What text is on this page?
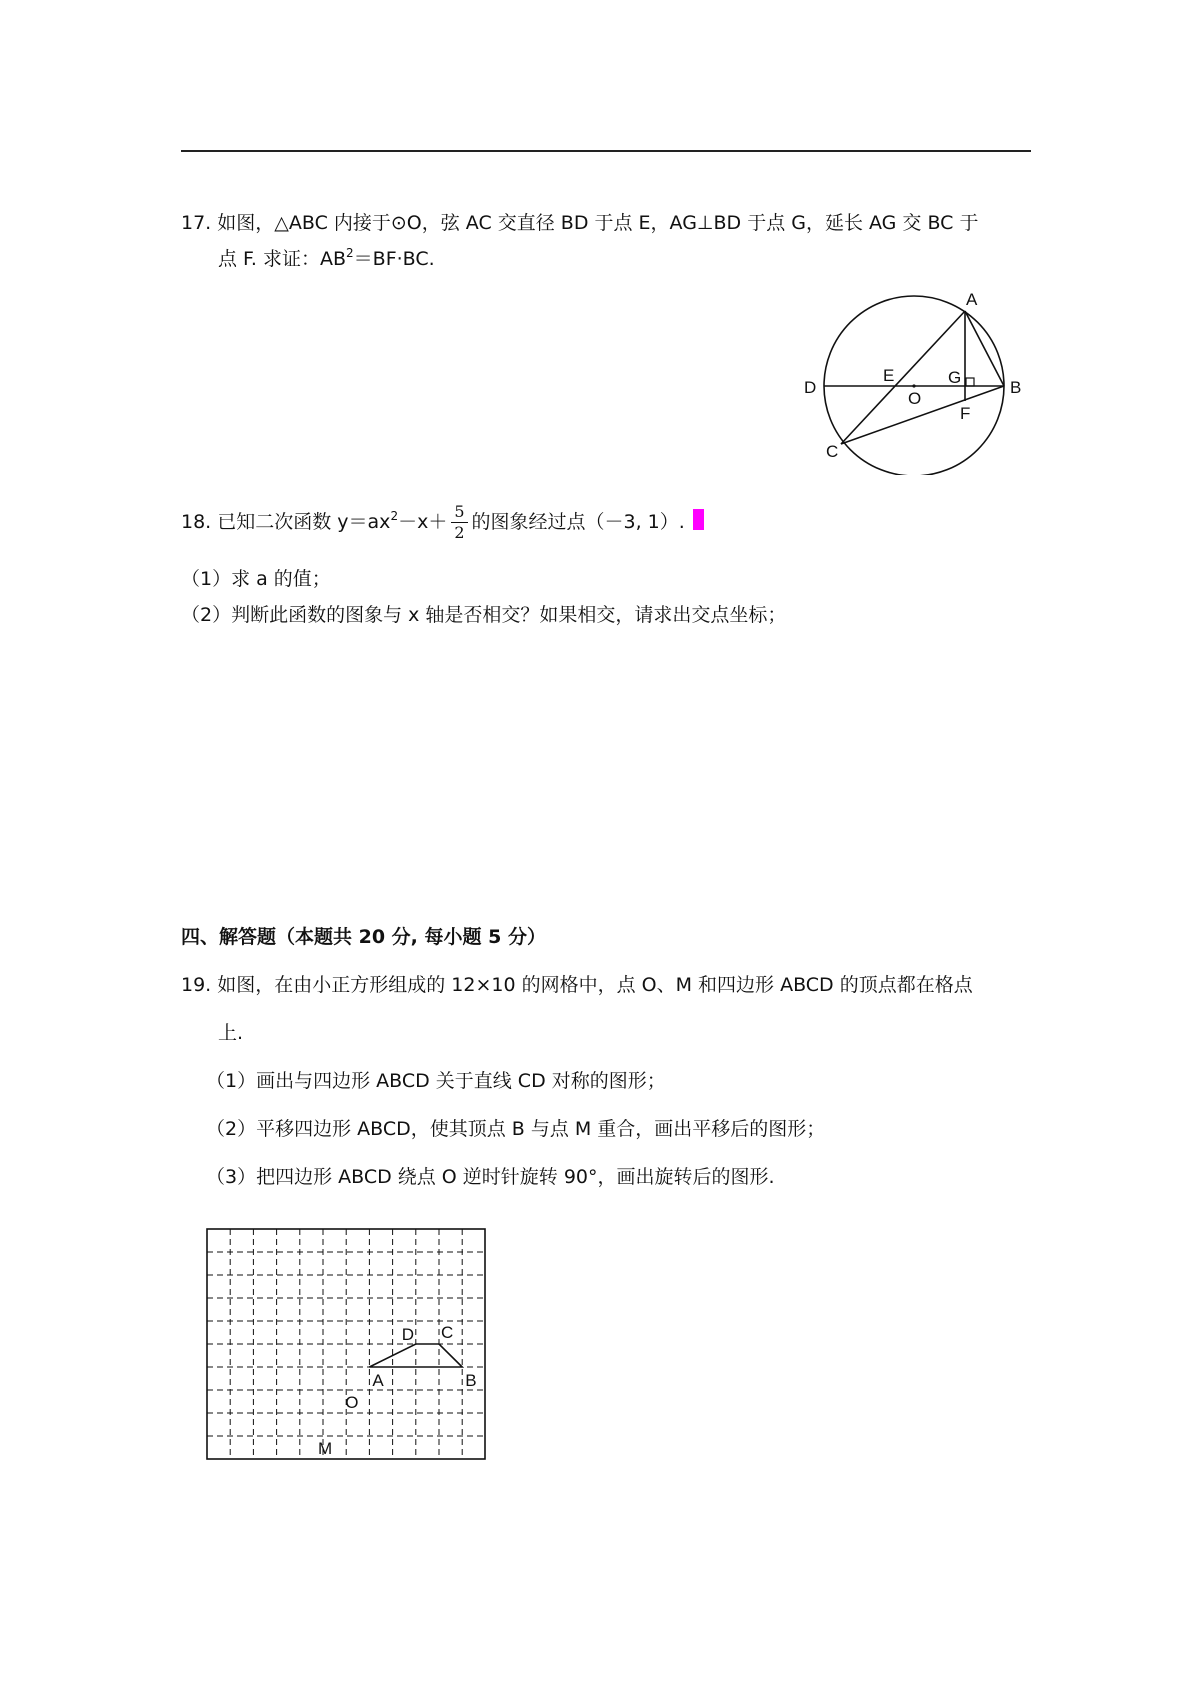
17. 如图，△ABC 内接于⊙O，弦 AC 交直径 BD 于点 E，AG⊥BD 于点 G，延长 AG 交 BC 于
点 F. 求证：$AB^2=BF\cdot BC$.
A
B
C
D
E
F
G
O
18. 已知二次函数 $y=ax^2-x+ \frac{5}{2}$ 的图象经过点（－3, 1）.
（1）求 a 的值；
（2）判断此函数的图象与 x 轴是否相交？如果相交，请求出交点坐标；
四、解答题（本题共 20 分, 每小题 5 分）
19. 如图，在由小正方形组成的 12×10 的网格中，点 O、M 和四边形 ABCD 的顶点都在格点
上.
（1）画出与四边形 ABCD 关于直线 CD 对称的图形；
（2）平移四边形 ABCD，使其顶点 B 与点 M 重合，画出平移后的图形；
（3）把四边形 ABCD 绕点 O 逆时针旋转 90°，画出旋转后的图形.
D C
A	B
O
M
